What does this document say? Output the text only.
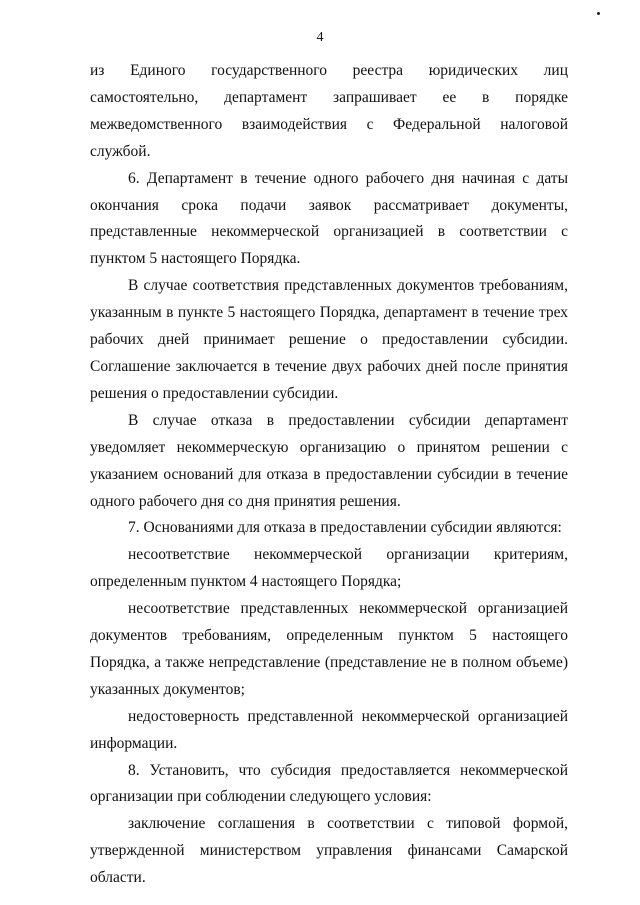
4

из Единого государственного реестра юридических лиц самостоятельно, департамент запрашивает ее в порядке межведомственного взаимодействия с Федеральной налоговой службой.

6. Департамент в течение одного рабочего дня начиная с даты окончания срока подачи заявок рассматривает документы, представленные некоммерческой организацией в соответствии с пунктом 5 настоящего Порядка.

В случае соответствия представленных документов требованиям, указанным в пункте 5 настоящего Порядка, департамент в течение трех рабочих дней принимает решение о предоставлении субсидии. Соглашение заключается в течение двух рабочих дней после принятия решения о предоставлении субсидии.

В случае отказа в предоставлении субсидии департамент уведомляет некоммерческую организацию о принятом решении с указанием оснований для отказа в предоставлении субсидии в течение одного рабочего дня со дня принятия решения.

7. Основаниями для отказа в предоставлении субсидии являются:

несоответствие некоммерческой организации критериям, определенным пунктом 4 настоящего Порядка;

несоответствие представленных некоммерческой организацией документов требованиям, определенным пунктом 5 настоящего Порядка, а также непредставление (представление не в полном объеме) указанных документов;

недостоверность представленной некоммерческой организацией информации.

8. Установить, что субсидия предоставляется некоммерческой организации при соблюдении следующего условия:

заключение соглашения в соответствии с типовой формой, утвержденной министерством управления финансами Самарской области.
